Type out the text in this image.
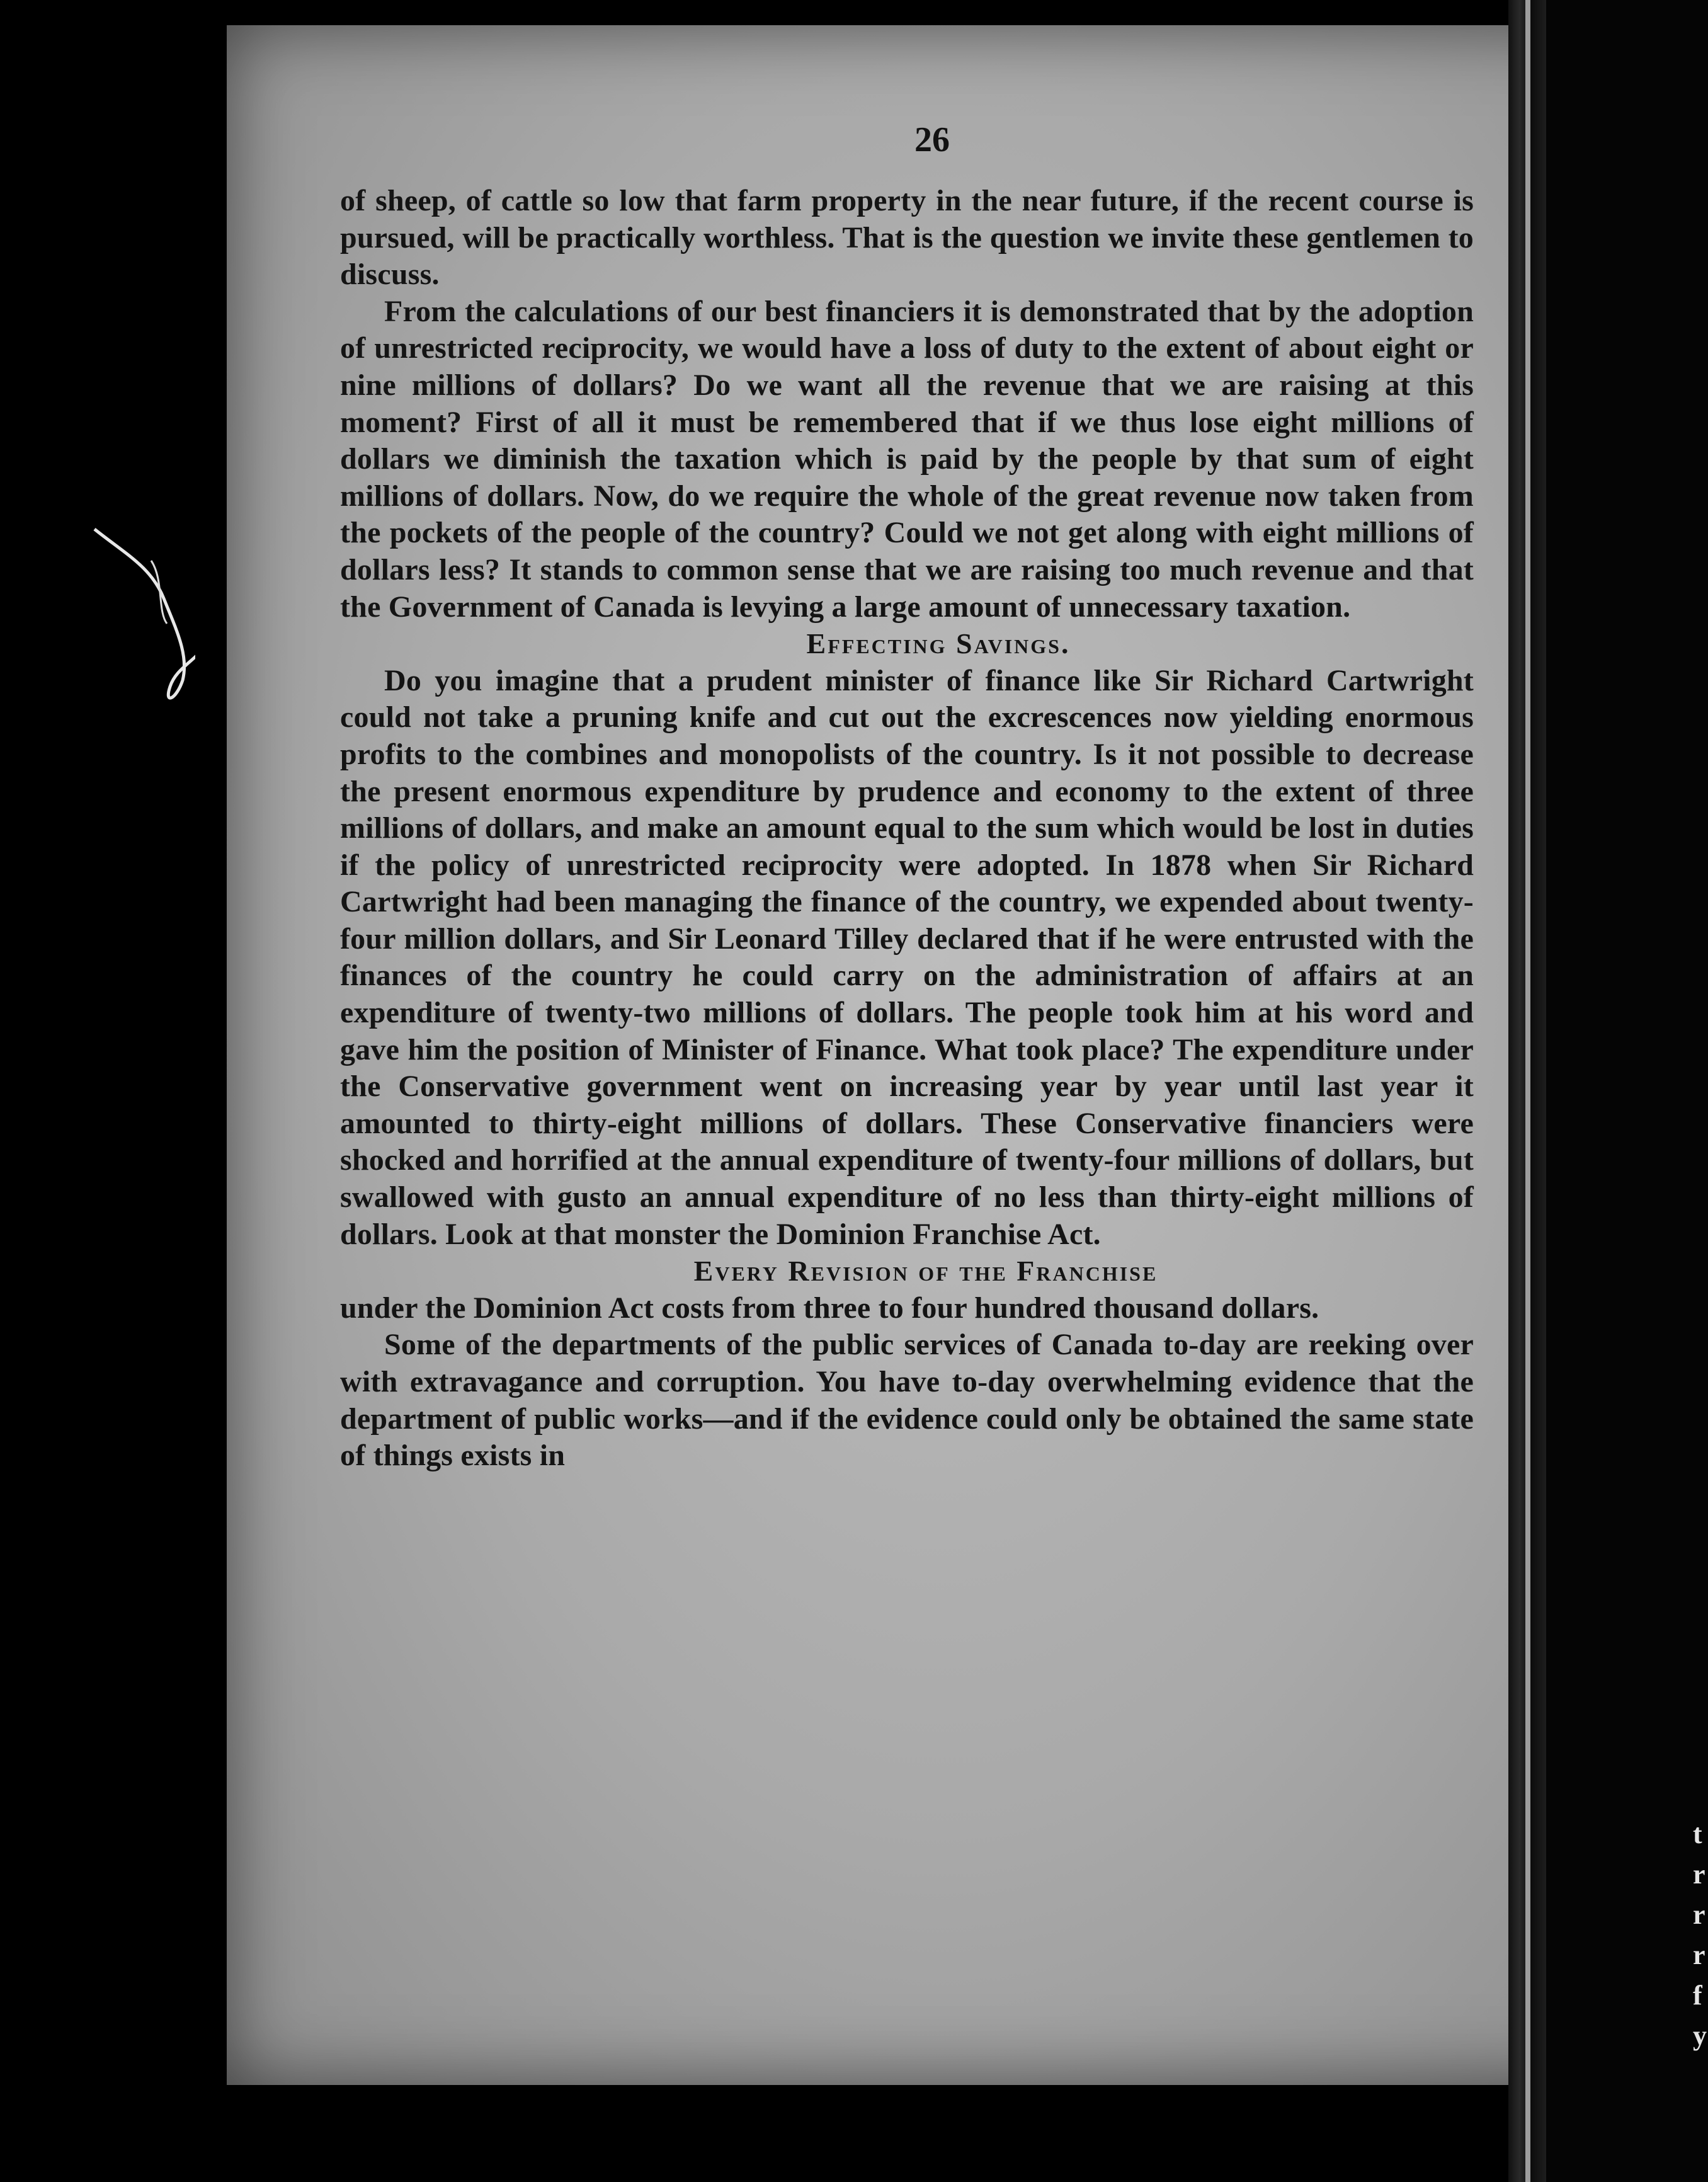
t
r
r
r
f
y
26

of sheep, of cattle so low that farm property in the near future, if the recent course is pursued, will be practically worthless. That is the question we invite these gentlemen to discuss.

From the calculations of our best financiers it is demonstrated that by the adoption of unrestricted reciprocity, we would have a loss of duty to the extent of about eight or nine millions of dollars? Do we want all the revenue that we are raising at this moment? First of all it must be remembered that if we thus lose eight millions of dollars we diminish the taxation which is paid by the people by that sum of eight millions of dollars. Now, do we require the whole of the great revenue now taken from the pockets of the people of the country? Could we not get along with eight millions of dollars less? It stands to common sense that we are raising too much revenue and that the Government of Canada is levying a large amount of unnecessary taxation.

Effecting Savings.

Do you imagine that a prudent minister of finance like Sir Richard Cartwright could not take a pruning knife and cut out the excrescences now yielding enormous profits to the combines and monopolists of the country. Is it not possible to decrease the present enormous expenditure by prudence and economy to the extent of three millions of dollars, and make an amount equal to the sum which would be lost in duties if the policy of unrestricted reciprocity were adopted. In 1878 when Sir Richard Cartwright had been managing the finance of the country, we expended about twenty-four million dollars, and Sir Leonard Tilley declared that if he were entrusted with the finances of the country he could carry on the administration of affairs at an expenditure of twenty-two millions of dollars. The people took him at his word and gave him the position of Minister of Finance. What took place? The expenditure under the Conservative government went on increasing year by year until last year it amounted to thirty-eight millions of dollars. These Conservative financiers were shocked and horrified at the annual expenditure of twenty-four millions of dollars, but swallowed with gusto an annual expenditure of no less than thirty-eight millions of dollars. Look at that monster the Dominion Franchise Act.

Every Revision of the Franchise

under the Dominion Act costs from three to four hundred thousand dollars.

Some of the departments of the public services of Canada to-day are reeking over with extravagance and corruption. You have to-day overwhelming evidence that the department of public works—and if the evidence could only be obtained the same state of things exists in
